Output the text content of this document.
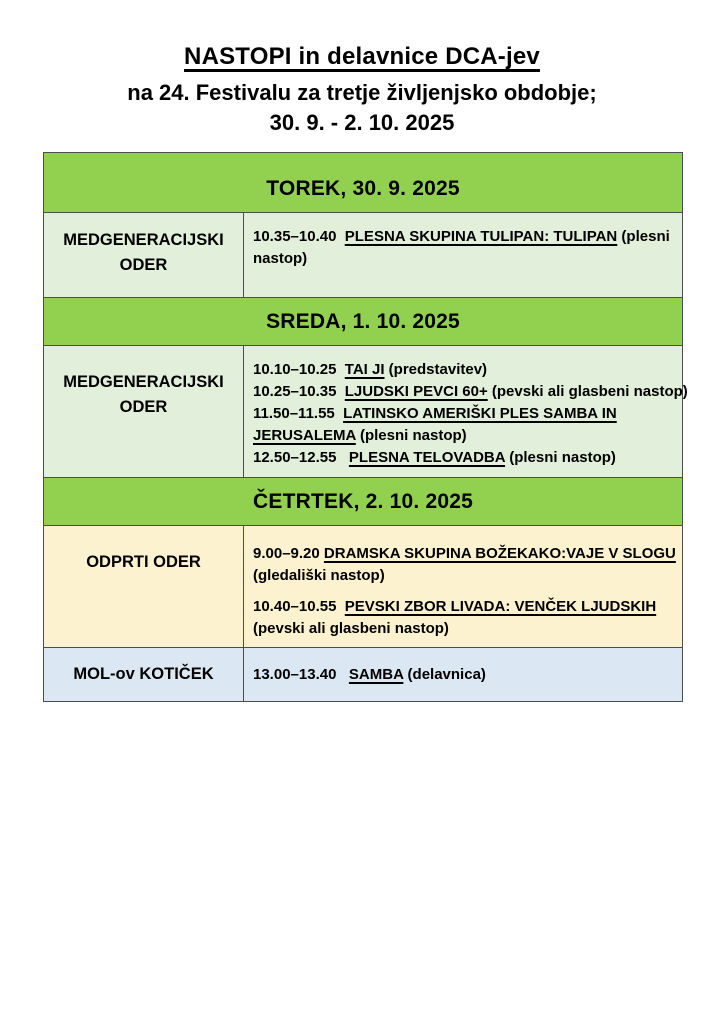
NASTOPI in delavnice DCA-jev
na 24. Festivalu za tretje življenjsko obdobje;
30. 9. - 2. 10. 2025
TOREK, 30. 9. 2025	
MEDGENERACIJSKI ODER	10.35–10.40  PLESNA SKUPINA TULIPAN: TULIPAN (plesni
nastop)

SREDA, 1. 10. 2025	
MEDGENERACIJSKI ODER	10.10–10.25  TAI JI (predstavitev)
10.25–10.35  LJUDSKI PEVCI 60+ (pevski ali glasbeni nastop)
11.50–11.55  LATINSKO AMERIŠKI PLES SAMBA IN
JERUSALEMA (plesni nastop)
12.50–12.55   PLESNA TELOVADBA (plesni nastop)

ČETRTEK, 2. 10. 2025	
ODPRTI ODER	9.00–9.20 DRAMSKA SKUPINA BOŽEKAKO:VAJE V SLOGU
(gledališki nastop)
10.40–10.55  PEVSKI ZBOR LIVADA: VENČEK LJUDSKIH
(pevski ali glasbeni nastop)

MOL-ov KOTIČEK	13.00–13.40   SAMBA (delavnica)
